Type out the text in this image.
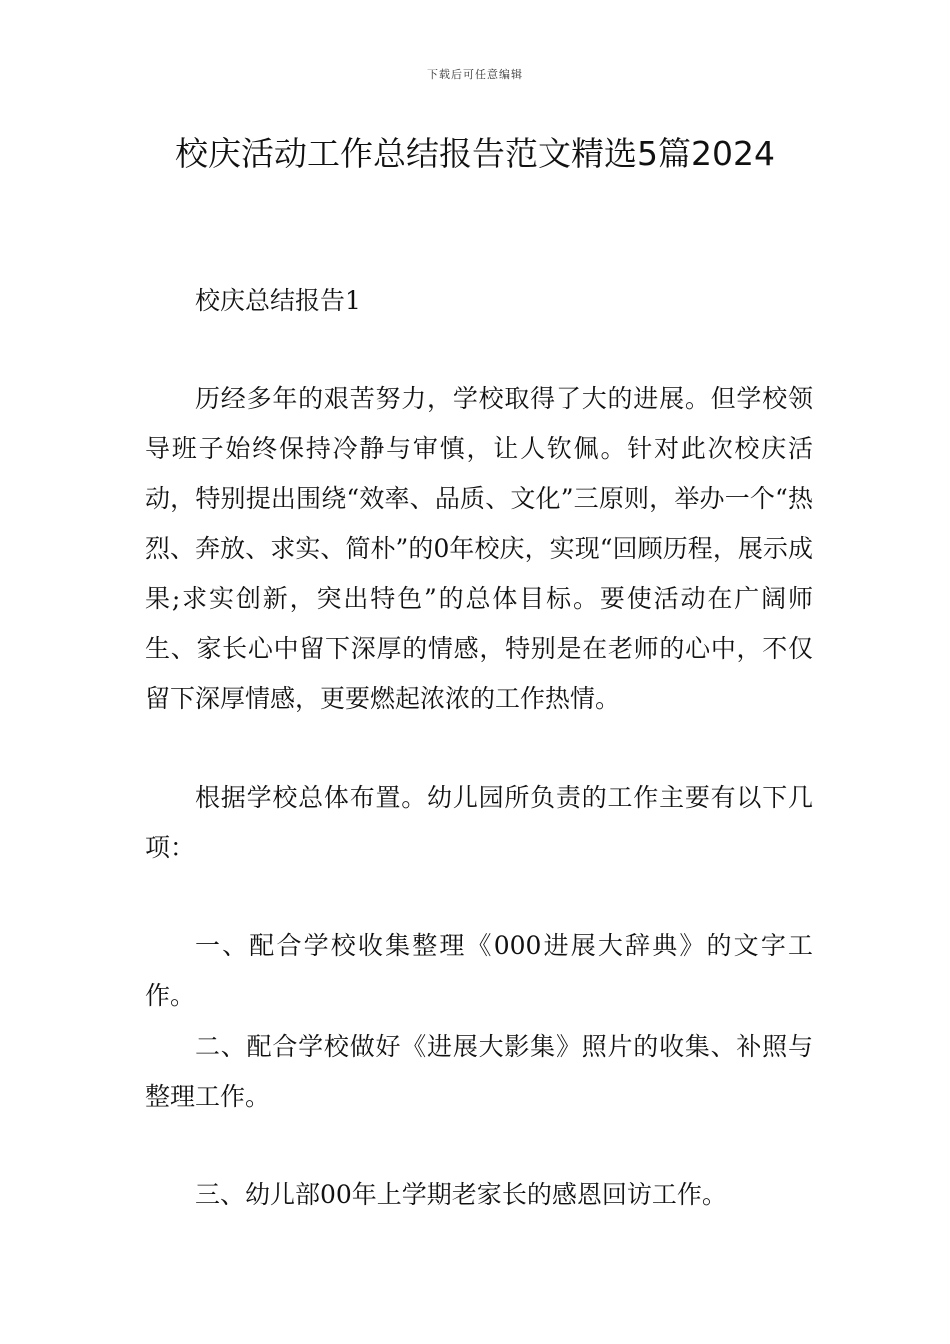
下载后可任意编辑
校庆活动工作总结报告范文精选5篇2024

校庆总结报告1

历经多年的艰苦努力，学校取得了大的进展。但学校领导班子始终保持冷静与审慎，让人钦佩。针对此次校庆活动，特别提出围绕“效率、品质、文化”三原则，举办一个“热烈、奔放、求实、简朴”的0年校庆，实现“回顾历程，展示成果;求实创新，突出特色”的总体目标。要使活动在广阔师生、家长心中留下深厚的情感，特别是在老师的心中，不仅留下深厚情感，更要燃起浓浓的工作热情。

根据学校总体布置。幼儿园所负责的工作主要有以下几项：

一、配合学校收集整理《000进展大辞典》的文字工作。

二、配合学校做好《进展大影集》照片的收集、补照与整理工作。

三、幼儿部00年上学期老家长的感恩回访工作。
